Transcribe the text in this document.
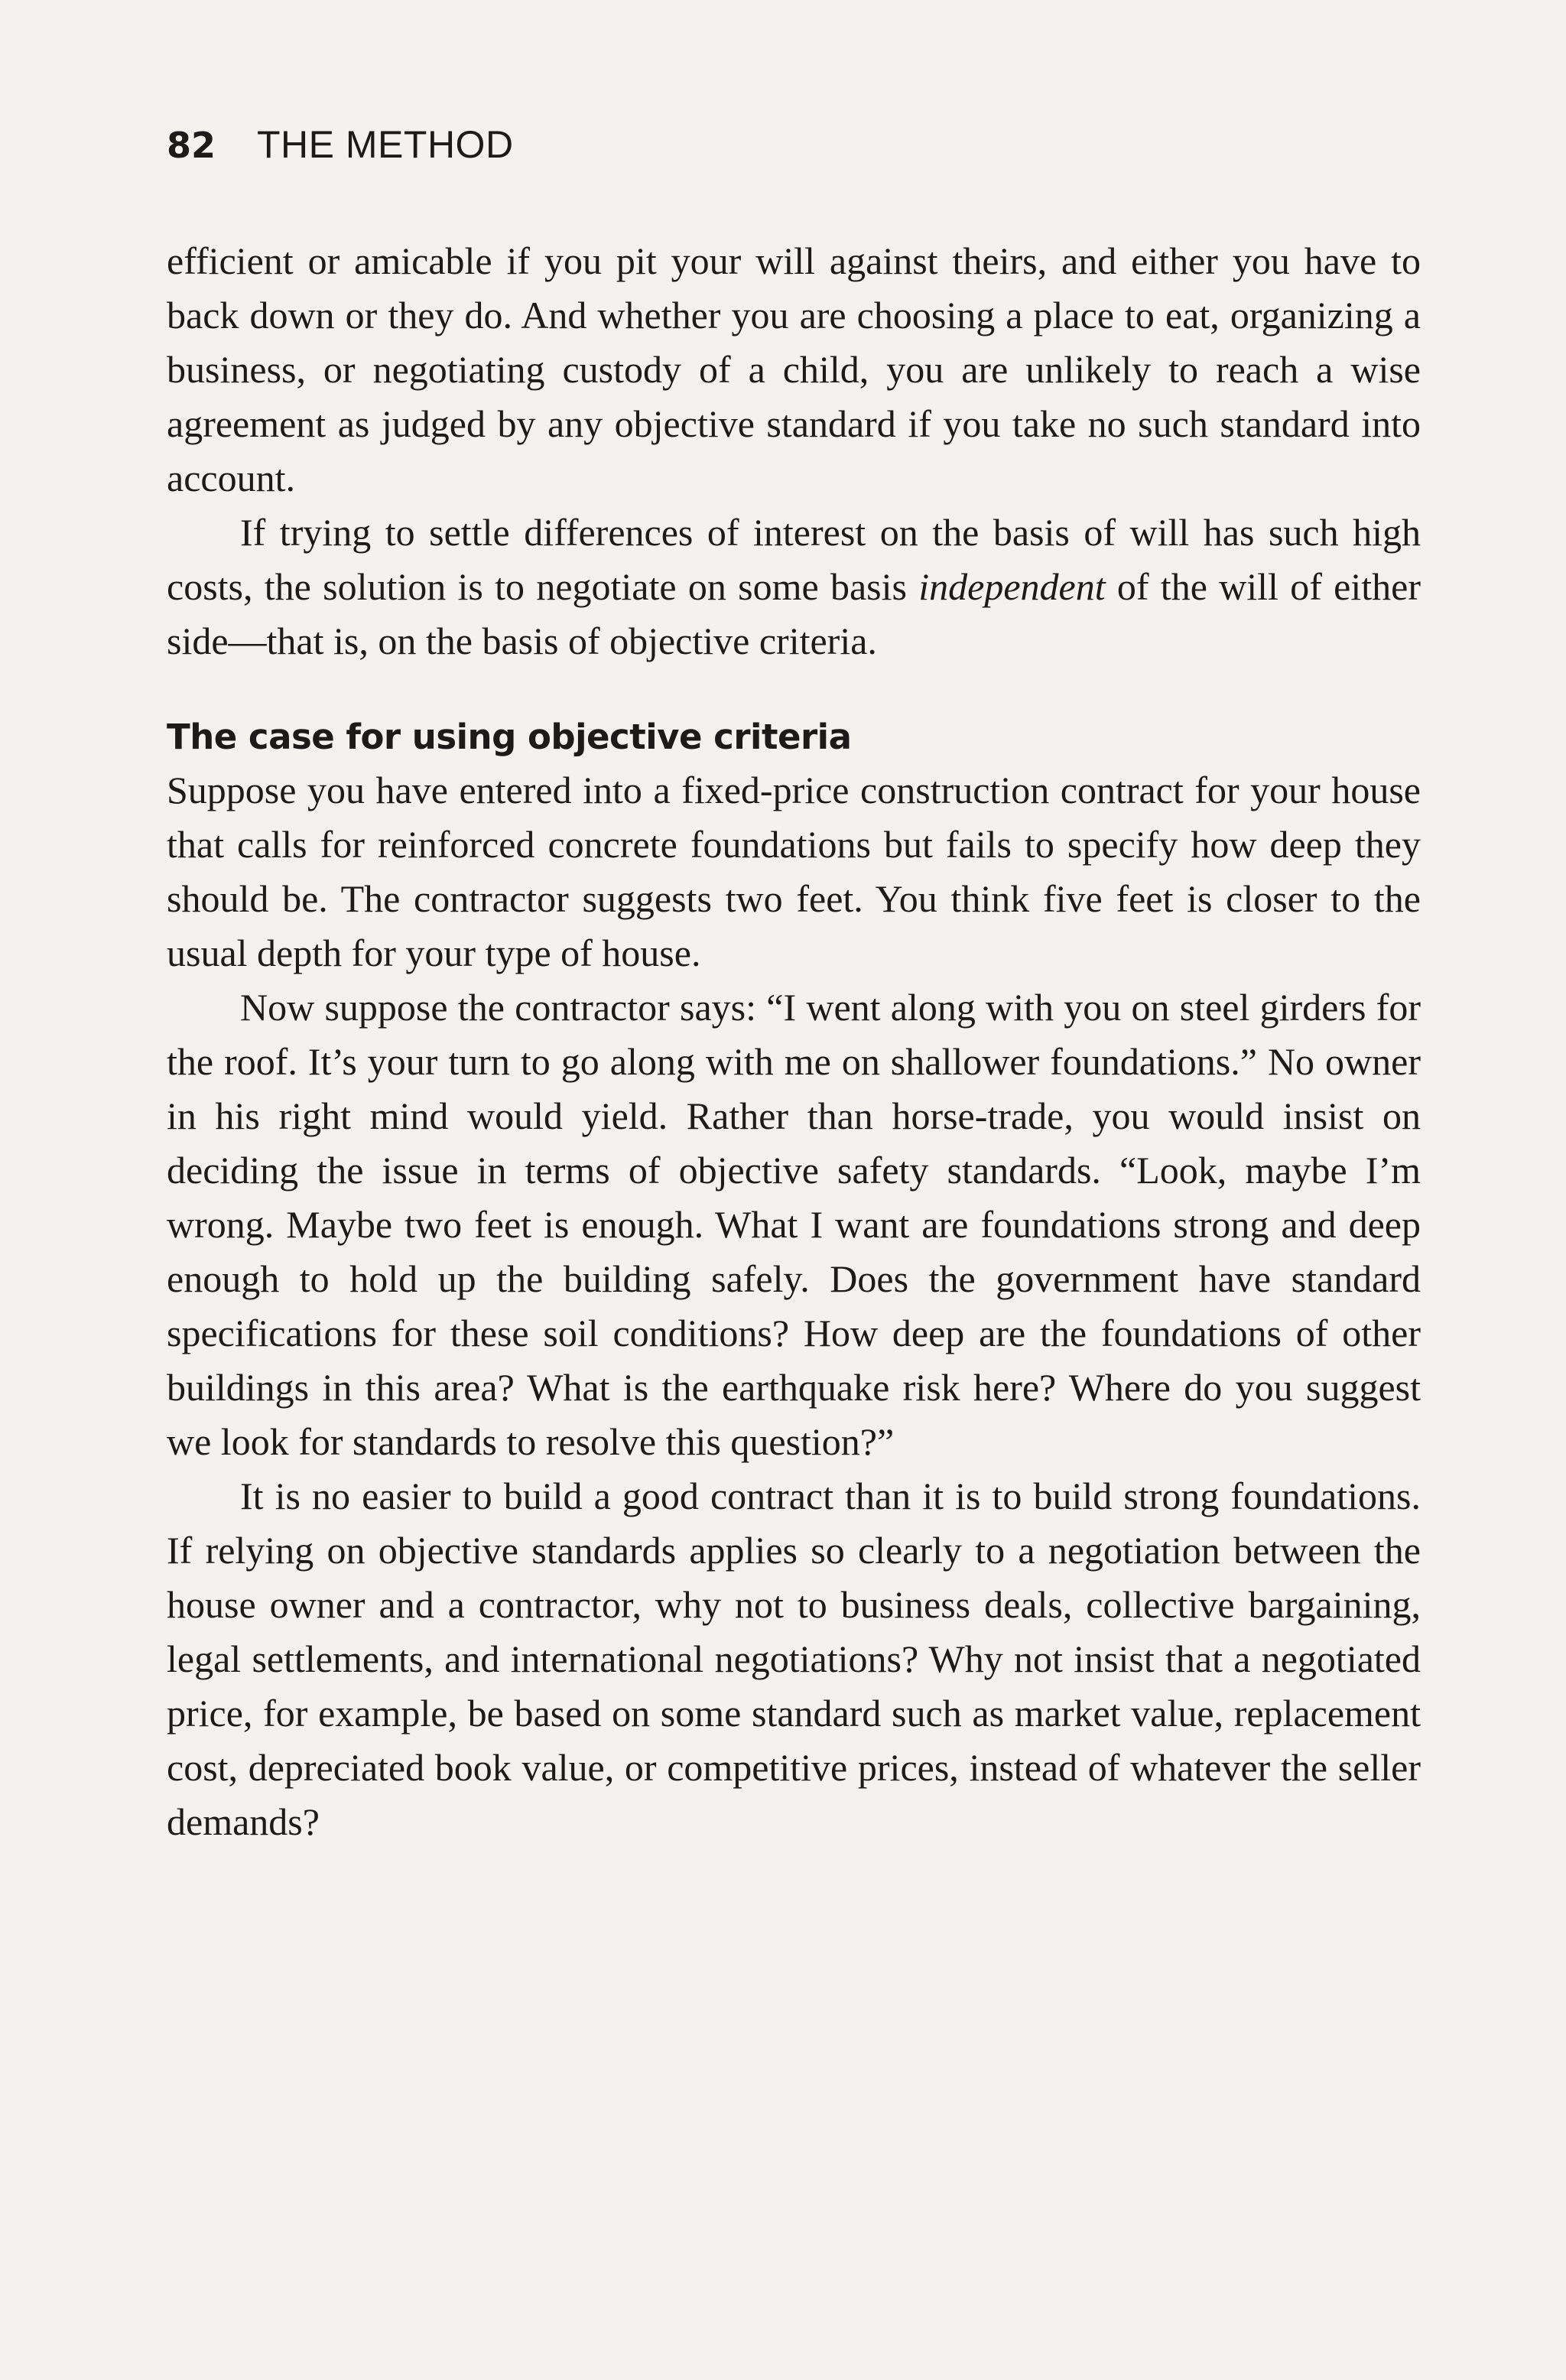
82 THE METHOD

efficient or amicable if you pit your will against theirs, and either you have to back down or they do. And whether you are choosing a place to eat, organizing a business, or negotiating custody of a child, you are unlikely to reach a wise agreement as judged by any objective standard if you take no such standard into account.

If trying to settle differences of interest on the basis of will has such high costs, the solution is to negotiate on some basis independent of the will of either side—that is, on the basis of objective criteria.

The case for using objective criteria

Suppose you have entered into a fixed-price construction contract for your house that calls for reinforced concrete foundations but fails to specify how deep they should be. The contractor suggests two feet. You think five feet is closer to the usual depth for your type of house.

Now suppose the contractor says: “I went along with you on steel girders for the roof. It’s your turn to go along with me on shallower foundations.” No owner in his right mind would yield. Rather than horse-trade, you would insist on deciding the issue in terms of objective safety standards. “Look, maybe I’m wrong. Maybe two feet is enough. What I want are foundations strong and deep enough to hold up the building safely. Does the government have standard specifications for these soil conditions? How deep are the foundations of other buildings in this area? What is the earthquake risk here? Where do you suggest we look for standards to resolve this question?”

It is no easier to build a good contract than it is to build strong foundations. If relying on objective standards applies so clearly to a negotiation between the house owner and a contractor, why not to business deals, collective bargaining, legal settlements, and international negotiations? Why not insist that a negotiated price, for example, be based on some standard such as market value, replacement cost, depreciated book value, or competitive prices, instead of whatever the seller demands?
